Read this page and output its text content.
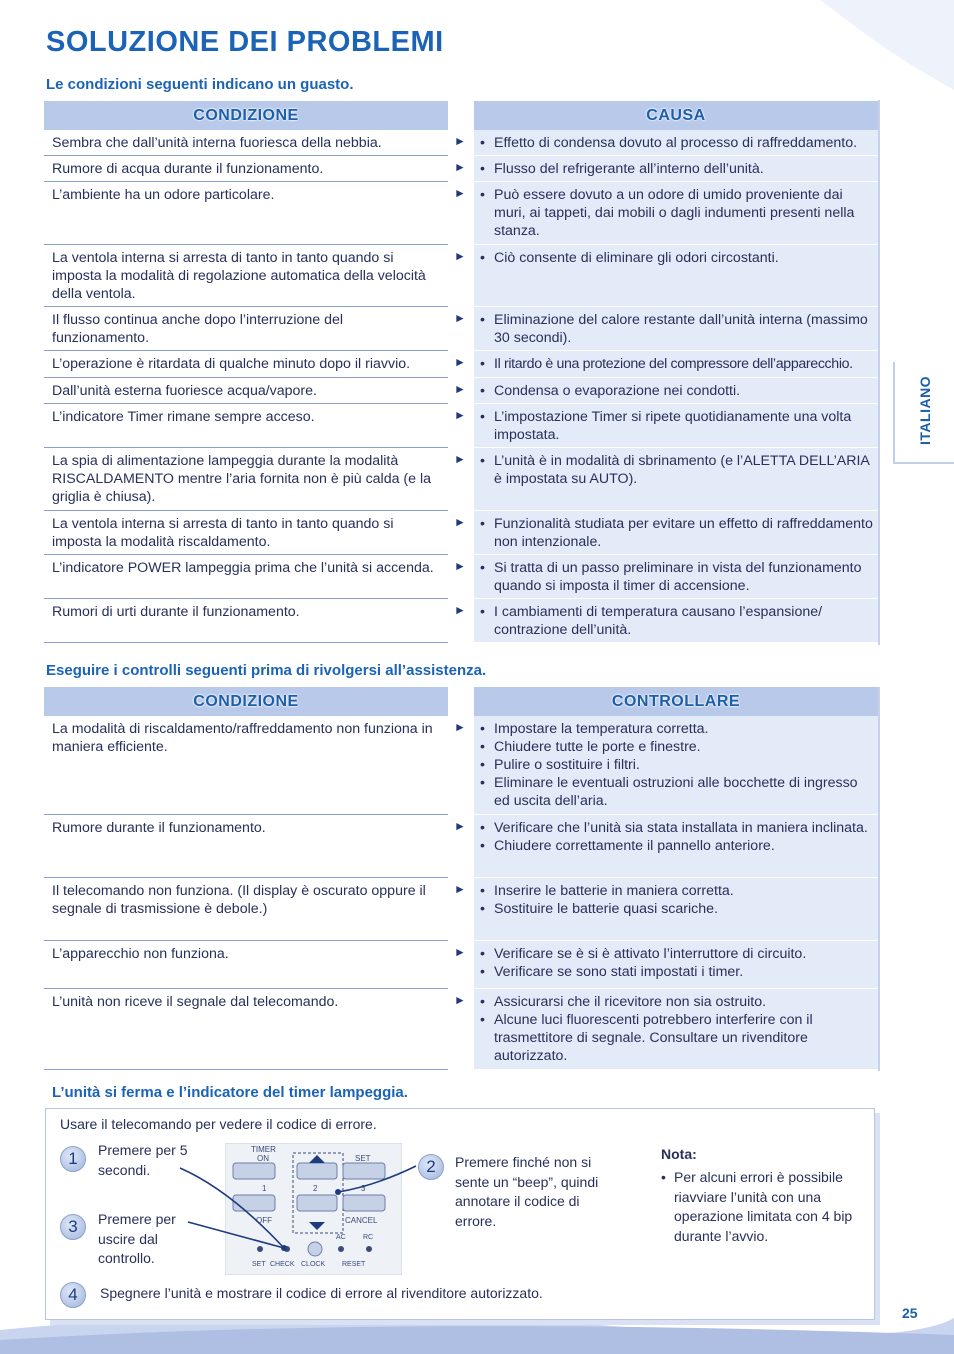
SOLUZIONE DEI PROBLEMI

Le condizioni seguenti indicano un guasto.

CONDIZIONE	CAUSA
Sembra che dall’unità interna fuoriesca della nebbia.	► • Effetto di condensa dovuto al processo di raffreddamento.
Rumore di acqua durante il funzionamento.	► • Flusso del refrigerante all’interno dell’unità.
L’ambiente ha un odore particolare.	► • Può essere dovuto a un odore di umido proveniente dai muri, ai tappeti, dai mobili o dagli indumenti presenti nella stanza.
La ventola interna si arresta di tanto in tanto quando si imposta la modalità di regolazione automatica della velocità della ventola.
► • Ciò consente di eliminare gli odori circostanti.
Il flusso continua anche dopo l’interruzione del funzionamento.
► • Eliminazione del calore restante dall’unità interna (massimo 30 secondi).
L’operazione è ritardata di qualche minuto dopo il riavvio.	► • Il ritardo è una protezione del compressore dell’apparecchio.
Dall’unità esterna fuoriesce acqua/vapore.	► • Condensa o evaporazione nei condotti.
L’indicatore Timer rimane sempre acceso.	► • L’impostazione Timer si ripete quotidianamente una volta impostata.
La spia di alimentazione lampeggia durante la modalità RISCALDAMENTO mentre l’aria fornita non è più calda (e la griglia è chiusa).
► • L’unità è in modalità di sbrinamento (e l’ALETTA DELL’ARIA è impostata su AUTO).
La ventola interna si arresta di tanto in tanto quando si imposta la modalità riscaldamento.
► • Funzionalità studiata per evitare un effetto di raffreddamento non intenzionale.
L’indicatore POWER lampeggia prima che l’unità si accenda.	► • Si tratta di un passo preliminare in vista del funzionamento quando si imposta il timer di accensione.
Rumori di urti durante il funzionamento.	► • I cambiamenti di temperatura causano l’espansione/ contrazione dell’unità.

Eseguire i controlli seguenti prima di rivolgersi all’assistenza.

CONDIZIONE	CONTROLLARE
La modalità di riscaldamento/raffreddamento non funziona in maniera efficiente.
► • Impostare la temperatura corretta.
• Chiudere tutte le porte e finestre.
• Pulire o sostituire i filtri.
• Eliminare le eventuali ostruzioni alle bocchette di ingresso ed uscita dell’aria.
Rumore durante il funzionamento.	► • Verificare che l’unità sia stata installata in maniera inclinata.
• Chiudere correttamente il pannello anteriore.
Il telecomando non funziona. (Il display è oscurato oppure il segnale di trasmissione è debole.)
► • Inserire le batterie in maniera corretta.
• Sostituire le batterie quasi scariche.
L’apparecchio non funziona.	► • Verificare se è si è attivato l’interruttore di circuito.
• Verificare se sono stati impostati i timer.
L’unità non riceve il segnale dal telecomando.	► • Assicurarsi che il ricevitore non sia ostruito.
• Alcune luci fluorescenti potrebbero interferire con il trasmettitore di segnale. Consultare un rivenditore autorizzato.
ITALIANO

L’unità si ferma e l’indicatore del timer lampeggia.

Usare il telecomando per vedere il codice di errore.
1	Premere per 5 secondi.
3	Premere per uscire dal controllo.
2	Premere finché non si sente un “beep”, quindi annotare il codice di errore.
Nota:
• Per alcuni errori è possibile riavviare l’unità con una operazione limitata con 4 bip durante l’avvio.
4	Spegnere l’unità e mostrare il codice di errore al rivenditore autorizzato.
TIMER
ON	SET
1	2	3
OFF	CANCEL
AC RC
SET CHECK CLOCK RESET
25
